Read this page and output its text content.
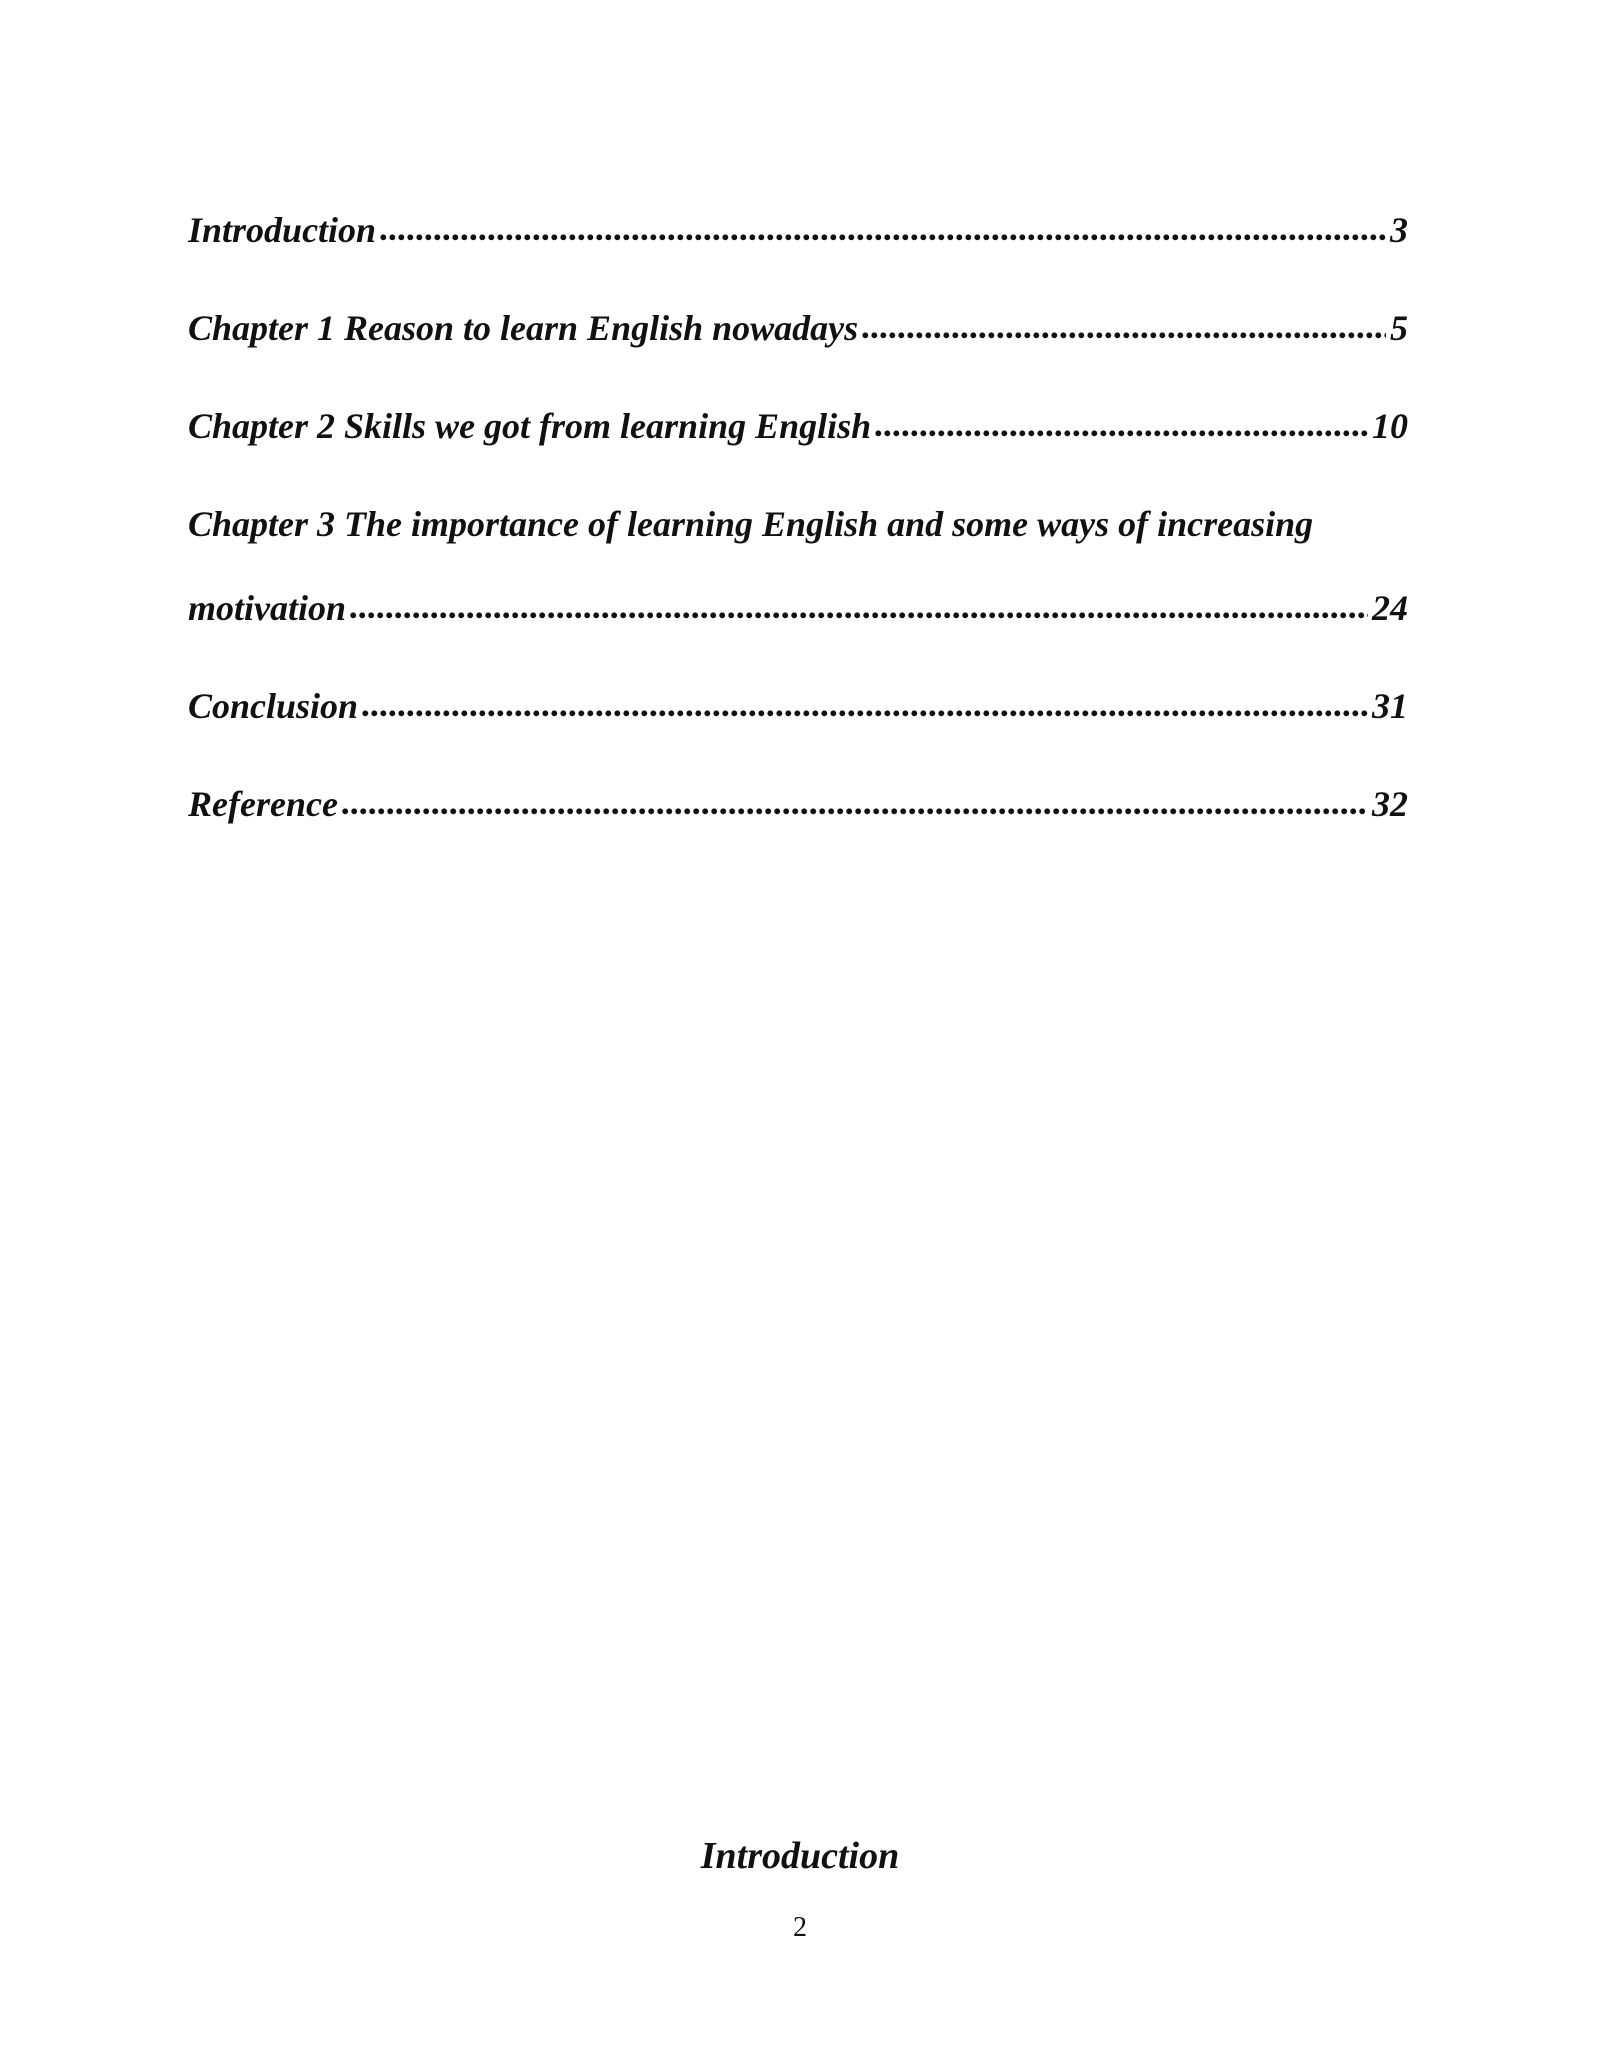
Introduction .....	3
Chapter 1 Reason to learn English nowadays .....	5
Chapter 2 Skills we got from learning English .....	10
Chapter 3 The importance of learning English and some ways of increasing
motivation .....	24
Conclusion .....	31
Reference .....	32
Introduction
2
